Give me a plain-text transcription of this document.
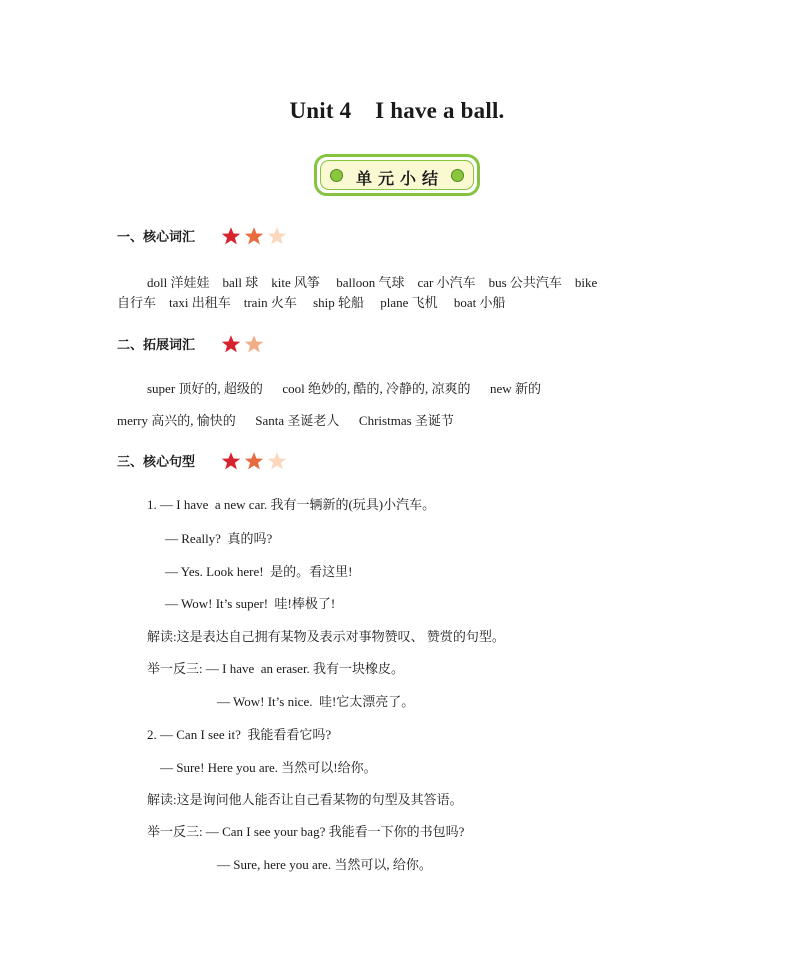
Unit 4    I have a ball.
单元小结
一、核心词汇

doll 洋娃娃    ball 球    kite 风筝     balloon 气球    car 小汽车    bus 公共汽车    bike
自行车    taxi 出租车    train 火车     ship 轮船     plane 飞机     boat 小船
二、拓展词汇

super 顶好的, 超级的      cool 绝妙的, 酷的, 冷静的, 凉爽的      new 新的
merry 高兴的, 愉快的      Santa 圣诞老人      Christmas 圣诞节
三、核心句型

1. — I have  a new car. 我有一辆新的(玩具)小汽车。
— Really?  真的吗?
— Yes. Look here!  是的。看这里!
— Wow! It’s super!  哇!棒极了!
解读:这是表达自己拥有某物及表示对事物赞叹、 赞赏的句型。
举一反三: — I have  an eraser. 我有一块橡皮。
— Wow! It’s nice.  哇!它太漂亮了。
2. — Can I see it?  我能看看它吗?
— Sure! Here you are. 当然可以!给你。
解读:这是询问他人能否让自己看某物的句型及其答语。
举一反三: — Can I see your bag? 我能看一下你的书包吗?
— Sure, here you are. 当然可以, 给你。
